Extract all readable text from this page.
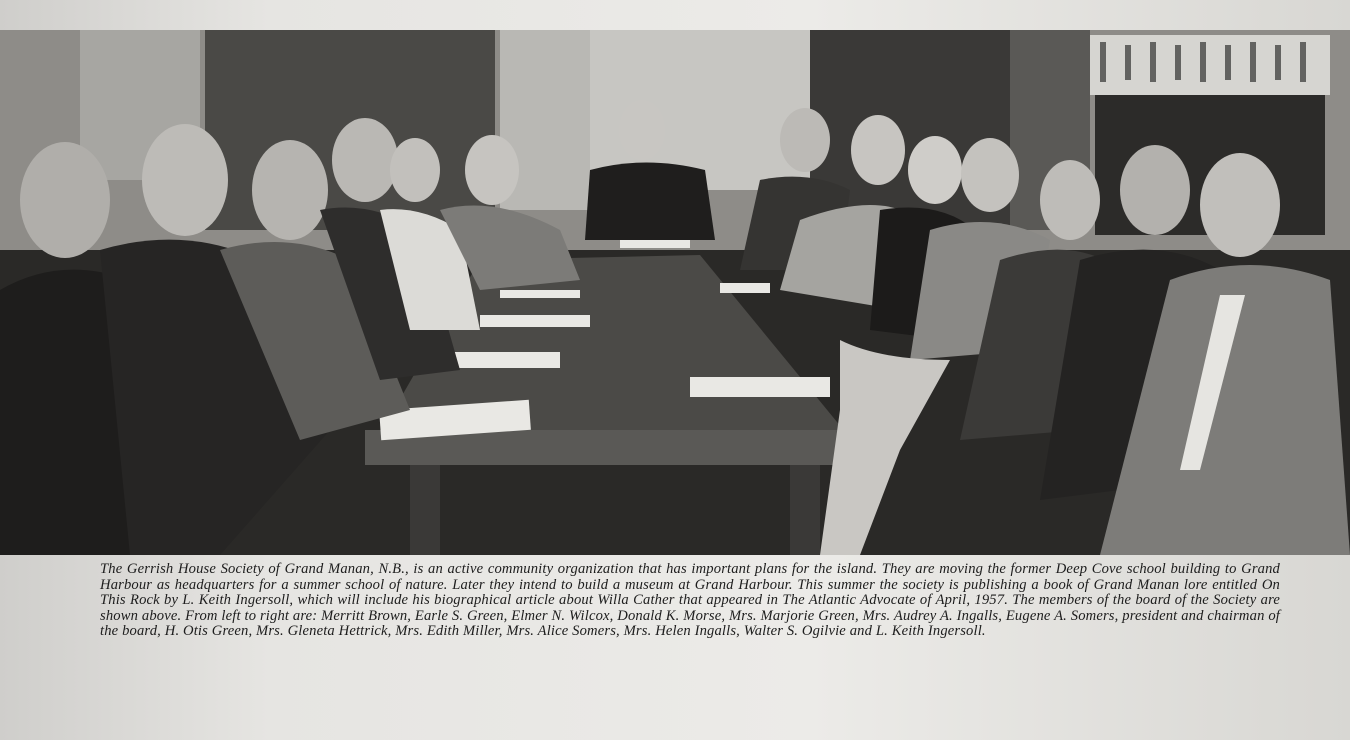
The Gerrish House Society of Grand Manan, N.B., is an active community organization that has important plans for the island. They are moving the former Deep Cove school building to Grand Harbour as headquarters for a summer school of nature. Later they intend to build a museum at Grand Harbour. This summer the society is publishing a book of Grand Manan lore entitled On This Rock by L. Keith Ingersoll, which will include his biographical article about Willa Cather that appeared in The Atlantic Advocate of April, 1957. The members of the board of the Society are shown above. From left to right are: Merritt Brown, Earle S. Green, Elmer N. Wilcox, Donald K. Morse, Mrs. Marjorie Green, Mrs. Audrey A. Ingalls, Eugene A. Somers, president and chairman of the board, H. Otis Green, Mrs. Gleneta Hettrick, Mrs. Edith Miller, Mrs. Alice Somers, Mrs. Helen Ingalls, Walter S. Ogilvie and L. Keith Ingersoll.
